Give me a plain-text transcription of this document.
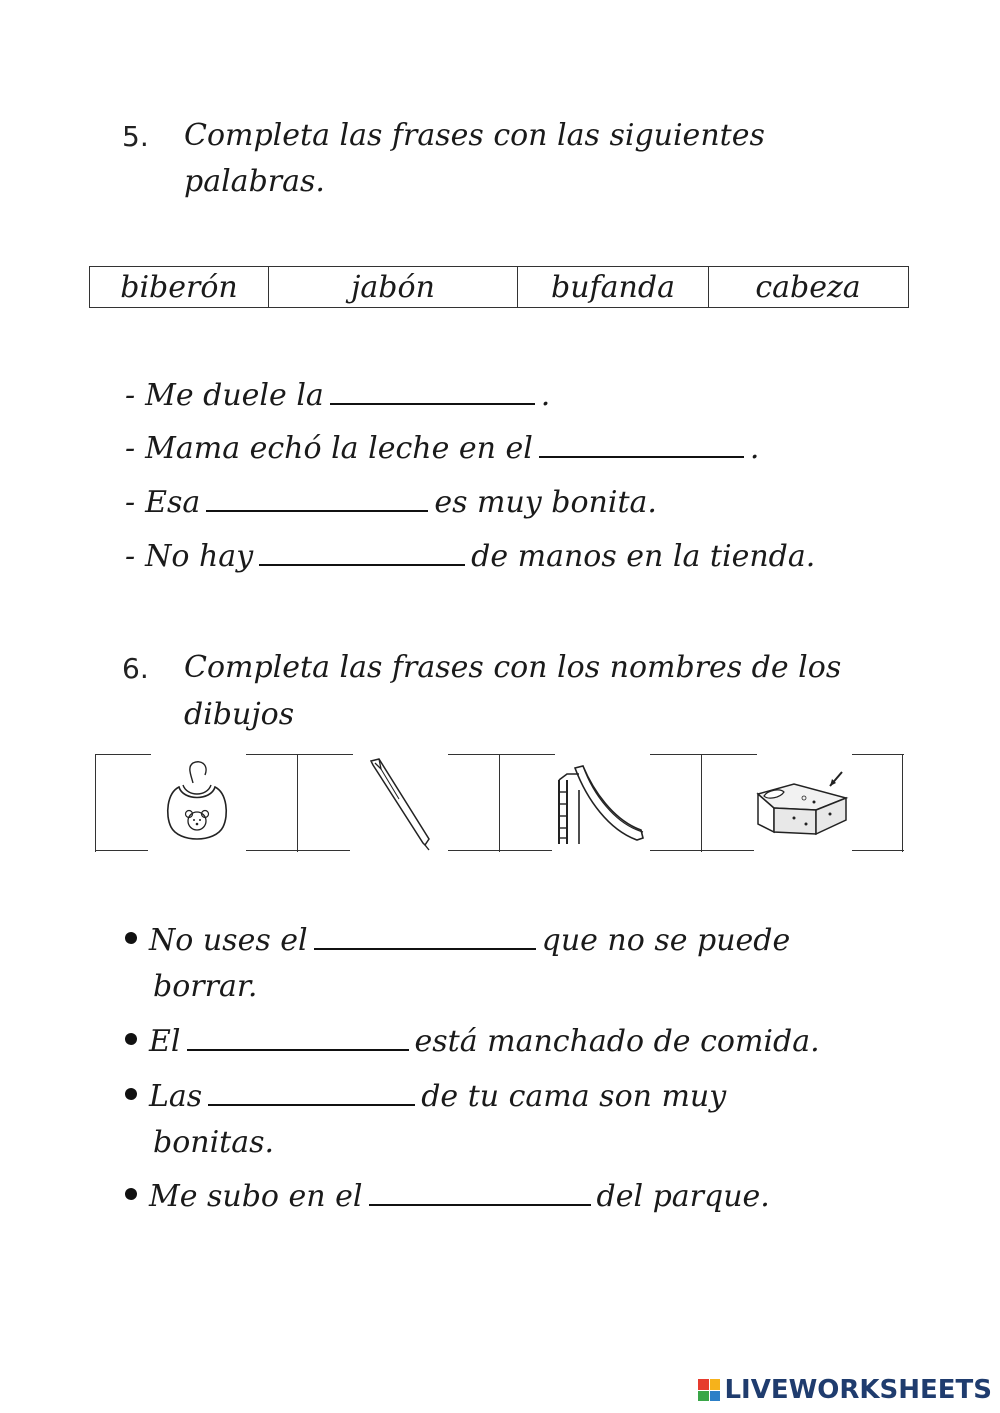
5. Completa las frases con las siguientes
palabras.
biberón	jabón	bufanda	cabeza
- Me duele la	.
- Mama echó la leche en el	.
- Esa	es muy bonita.
- No hay	de manos en la tienda.
6. Completa las frases con los nombres de los
dibujos
No uses el	que no se puede
borrar.
El	está manchado de comida.
Las	de tu cama son muy
bonitas.
Me subo en el	del parque.
LIVEWORKSHEETS
